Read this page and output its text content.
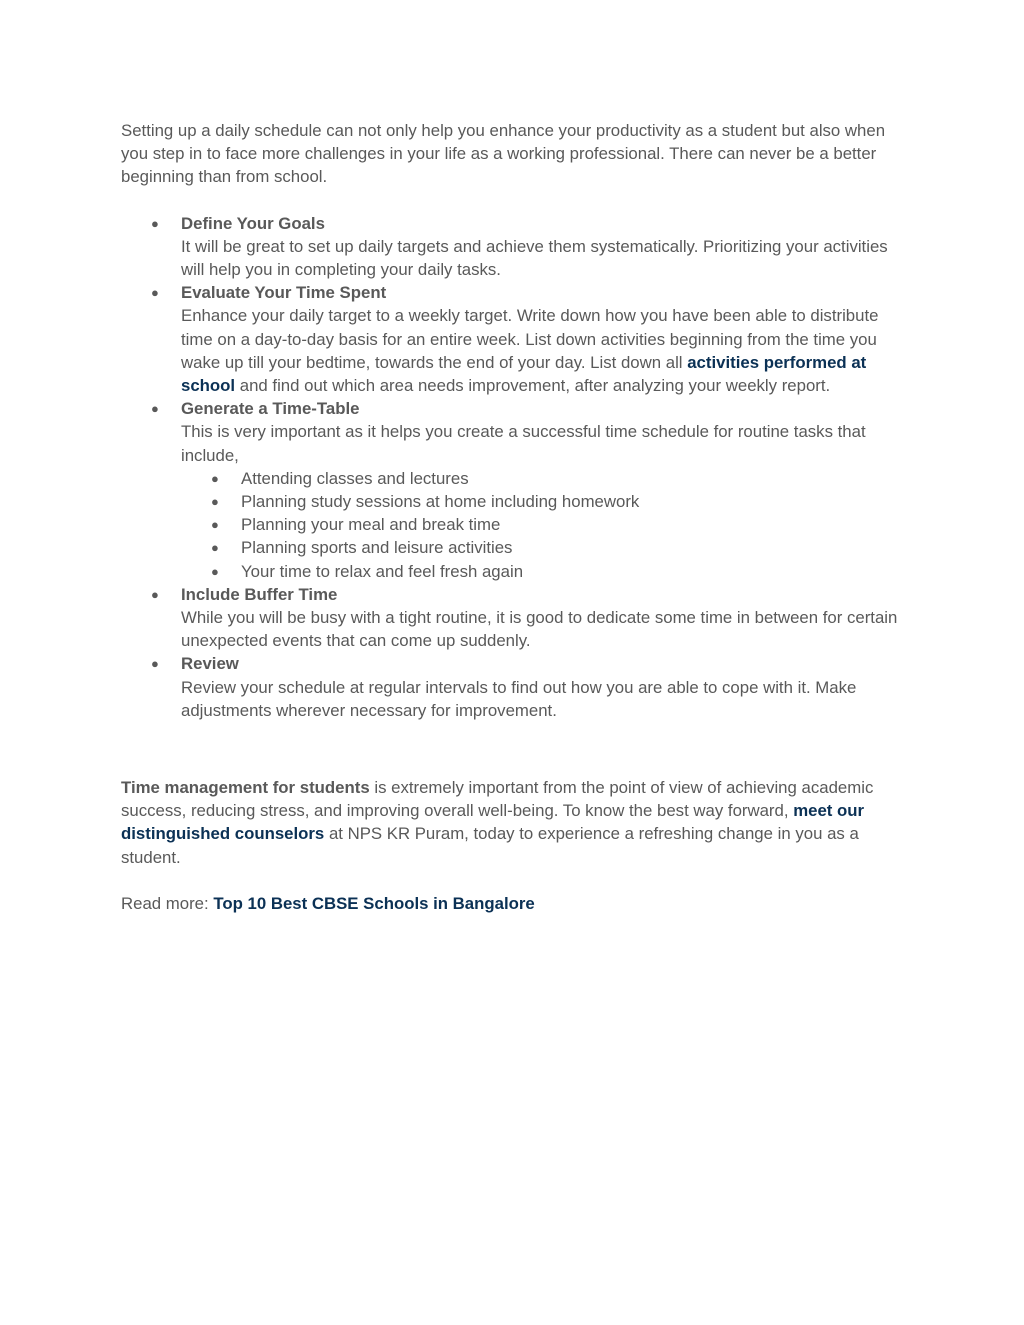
Setting up a daily schedule can not only help you enhance your productivity as a student but also when you step in to face more challenges in your life as a working professional. There can never be a better beginning than from school.

● Define Your Goals
It will be great to set up daily targets and achieve them systematically. Prioritizing your activities will help you in completing your daily tasks.
● Evaluate Your Time Spent
Enhance your daily target to a weekly target. Write down how you have been able to distribute time on a day-to-day basis for an entire week. List down activities beginning from the time you wake up till your bedtime, towards the end of your day. List down all activities performed at school and find out which area needs improvement, after analyzing your weekly report.
● Generate a Time-Table
This is very important as it helps you create a successful time schedule for routine tasks that include,
● Attending classes and lectures
● Planning study sessions at home including homework
● Planning your meal and break time
● Planning sports and leisure activities
● Your time to relax and feel fresh again
● Include Buffer Time
While you will be busy with a tight routine, it is good to dedicate some time in between for certain unexpected events that can come up suddenly.
● Review
Review your schedule at regular intervals to find out how you are able to cope with it. Make adjustments wherever necessary for improvement.

Time management for students is extremely important from the point of view of achieving academic success, reducing stress, and improving overall well-being. To know the best way forward, meet our distinguished counselors at NPS KR Puram, today to experience a refreshing change in you as a student.

Read more: Top 10 Best CBSE Schools in Bangalore
